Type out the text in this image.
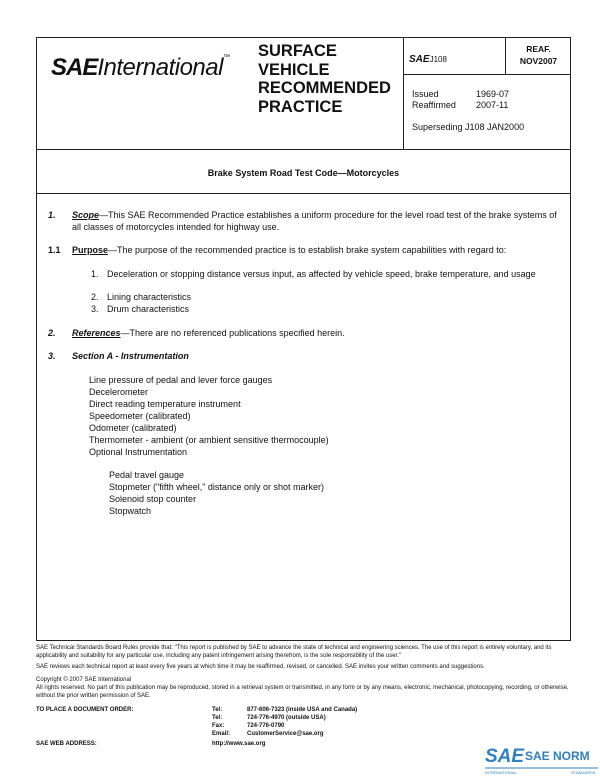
SAEInternational™ SURFACE
VEHICLE
RECOMMENDED
PRACTICE
SAEJ108
REAF.
NOV2007
Issued	1969-07
Reaffirmed 2007-11
Superseding J108 JAN2000
Brake System Road Test Code—Motorcycles
1. Scope—This SAE Recommended Practice establishes a uniform procedure for the level road test of the brake systems of all classes of motorcycles intended for highway use.
1.1 Purpose—The purpose of the recommended practice is to establish brake system capabilities with regard to:
1. Deceleration or stopping distance versus input, as affected by vehicle speed, brake temperature, and usage
2. Lining characteristics
3. Drum characteristics
2. References—There are no referenced publications specified herein.
3. Section A - Instrumentation
Line pressure of pedal and lever force gauges
Decelerometer
Direct reading temperature instrument
Speedometer (calibrated)
Odometer (calibrated)
Thermometer - ambient (or ambient sensitive thermocouple)
Optional Instrumentation
Pedal travel gauge
Stopmeter ("fifth wheel," distance only or shot marker)
Solenoid stop counter
Stopwatch
SAE Technical Standards Board Rules provide that: "This report is published by SAE to advance the state of technical and engineering sciences. The use of this report is entirely voluntary, and its applicability and suitability for any particular use, including any patent infringement arising therefrom, is the sole responsibility of the user."
SAE reviews each technical report at least every five years at which time it may be reaffirmed, revised, or cancelled. SAE invites your written comments and suggestions.
Copyright © 2007 SAE International
All rights reserved. No part of this publication may be reproduced, stored in a retrieval system or transmitted, in any form or by any means, electronic, mechanical, photocopying, recording, or otherwise, without the prior written permission of SAE.
TO PLACE A DOCUMENT ORDER:	Tel:	877-606-7323 (inside USA and Canada)
Tel:	724-776-4970 (outside USA)
Fax:	724-776-0790
Email:	CustomerService@sae.org
SAE WEB ADDRESS:	http://www.sae.org
SAE SAE NORM
INTERNATIONAL	STANDARDS
